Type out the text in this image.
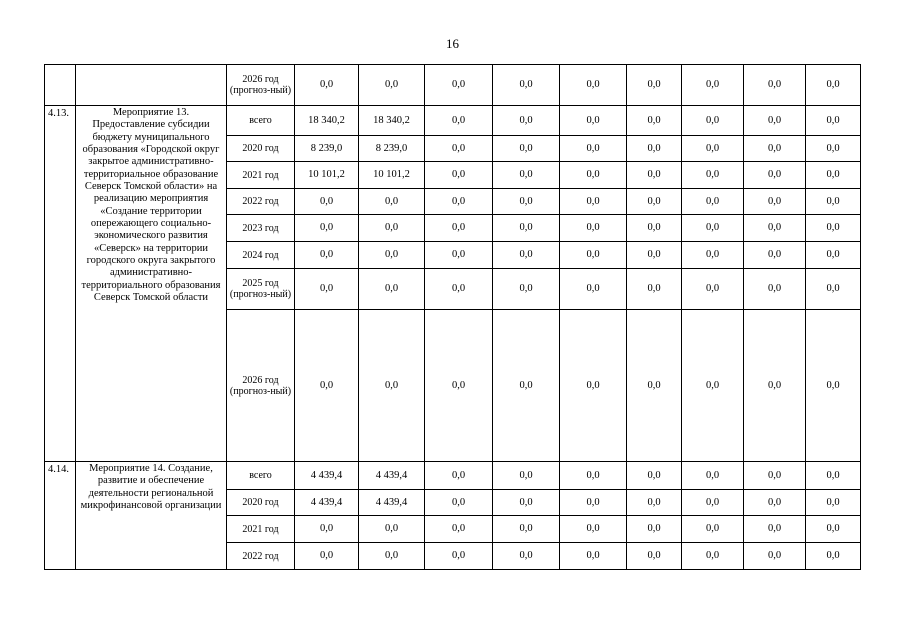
16
		2026 год (прогноз-ный)	0,0	0,0	0,0	0,0	0,0	0,0	0,0	0,0	0,0
4.13.	Мероприятие 13. Предоставление субсидии бюджету муниципального образования «Городской округ закрытое административно-территориальное образование Северск Томской области» на реализацию мероприятия «Создание территории опережающего социально-экономического развития «Северск» на территории городского округа закрытого административно-территориального образования Северск Томской области	всего	18 340,2	18 340,2	0,0	0,0	0,0	0,0	0,0	0,0	0,0
		2020 год	8 239,0	8 239,0	0,0	0,0	0,0	0,0	0,0	0,0	0,0
		2021 год	10 101,2	10 101,2	0,0	0,0	0,0	0,0	0,0	0,0	0,0
		2022 год	0,0	0,0	0,0	0,0	0,0	0,0	0,0	0,0	0,0
		2023 год	0,0	0,0	0,0	0,0	0,0	0,0	0,0	0,0	0,0
		2024 год	0,0	0,0	0,0	0,0	0,0	0,0	0,0	0,0	0,0
		2025 год (прогноз-ный)	0,0	0,0	0,0	0,0	0,0	0,0	0,0	0,0	0,0
		2026 год (прогноз-ный)	0,0	0,0	0,0	0,0	0,0	0,0	0,0	0,0	0,0
4.14.	Мероприятие 14. Создание, развитие и обеспечение деятельности региональной микрофинансовой организации	всего	4 439,4	4 439,4	0,0	0,0	0,0	0,0	0,0	0,0	0,0
		2020 год	4 439,4	4 439,4	0,0	0,0	0,0	0,0	0,0	0,0	0,0
		2021 год	0,0	0,0	0,0	0,0	0,0	0,0	0,0	0,0	0,0
		2022 год	0,0	0,0	0,0	0,0	0,0	0,0	0,0	0,0	0,0
